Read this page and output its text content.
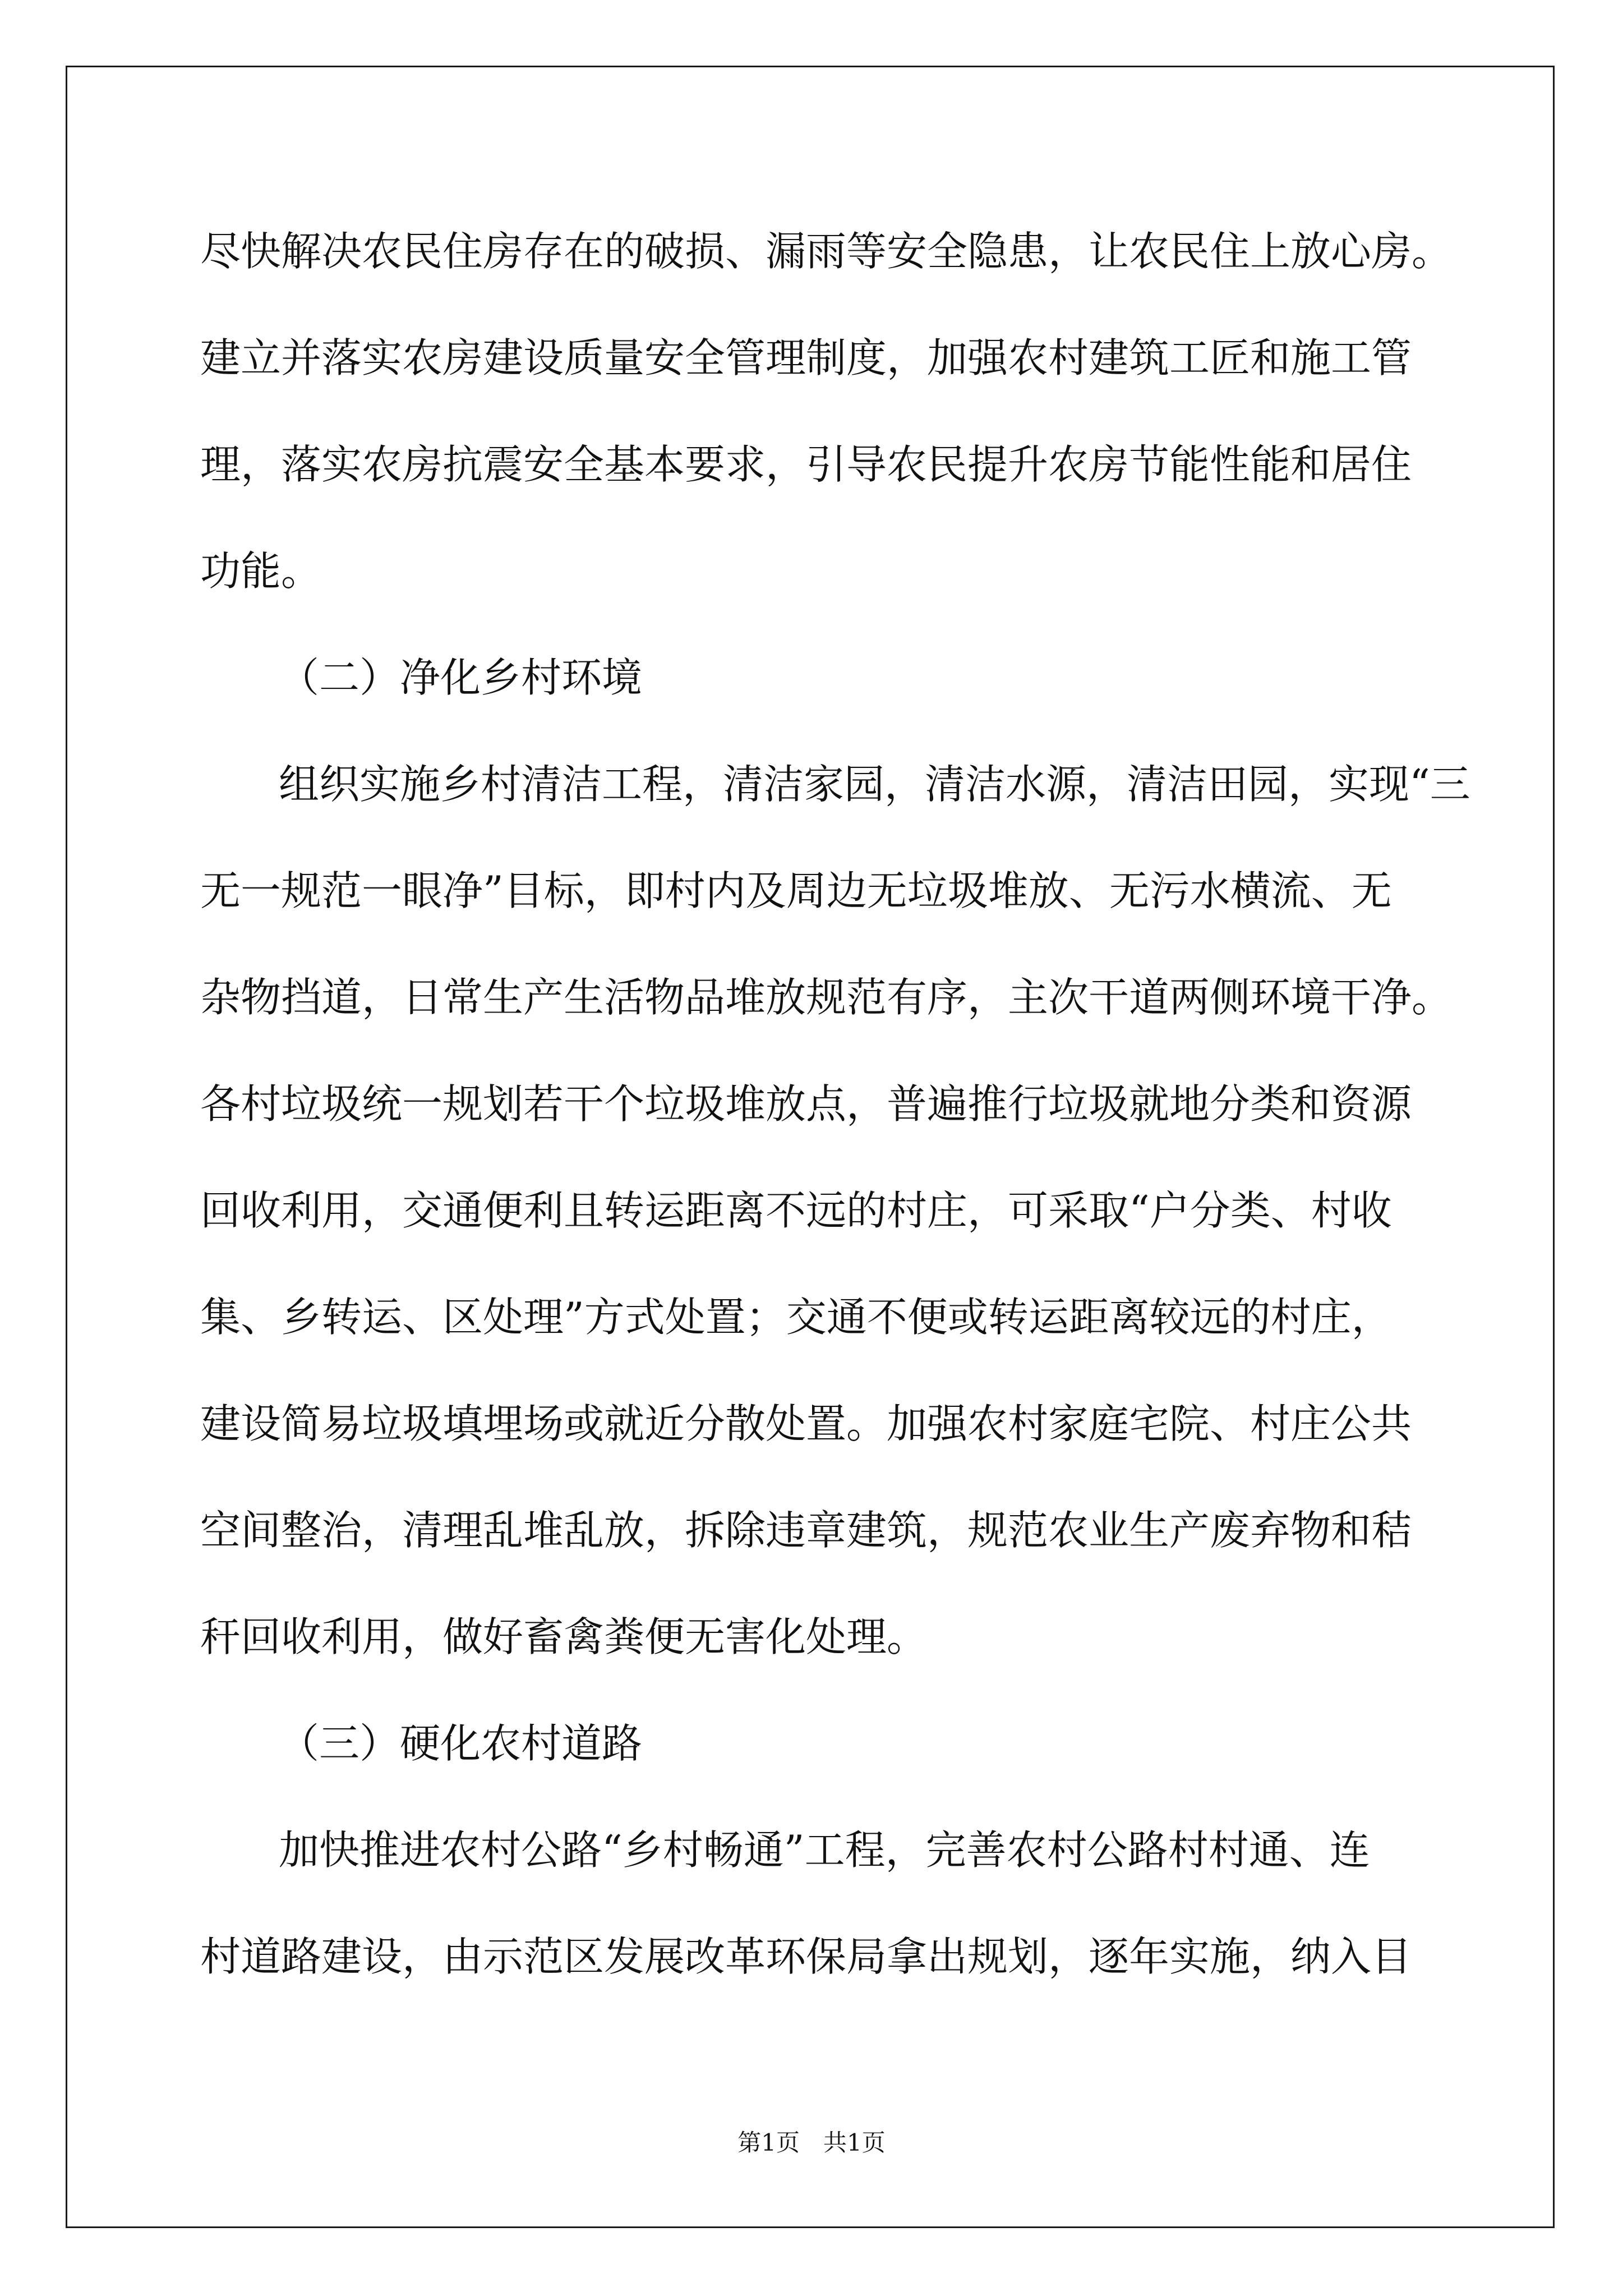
尽快解决农民住房存在的破损、漏雨等安全隐患，让农民住上放心房。
建立并落实农房建设质量安全管理制度，加强农村建筑工匠和施工管
理，落实农房抗震安全基本要求，引导农民提升农房节能性能和居住
功能。
（二）净化乡村环境
组织实施乡村清洁工程，清洁家园，清洁水源，清洁田园，实现“三
无一规范一眼净”目标，即村内及周边无垃圾堆放、无污水横流、无
杂物挡道，日常生产生活物品堆放规范有序，主次干道两侧环境干净。
各村垃圾统一规划若干个垃圾堆放点，普遍推行垃圾就地分类和资源
回收利用，交通便利且转运距离不远的村庄，可采取“户分类、村收
集、乡转运、区处理”方式处置；交通不便或转运距离较远的村庄，
建设简易垃圾填埋场或就近分散处置。加强农村家庭宅院、村庄公共
空间整治，清理乱堆乱放，拆除违章建筑，规范农业生产废弃物和秸
秆回收利用，做好畜禽粪便无害化处理。
（三）硬化农村道路
加快推进农村公路“乡村畅通”工程，完善农村公路村村通、连
村道路建设，由示范区发展改革环保局拿出规划，逐年实施，纳入目
第1页　共1页
